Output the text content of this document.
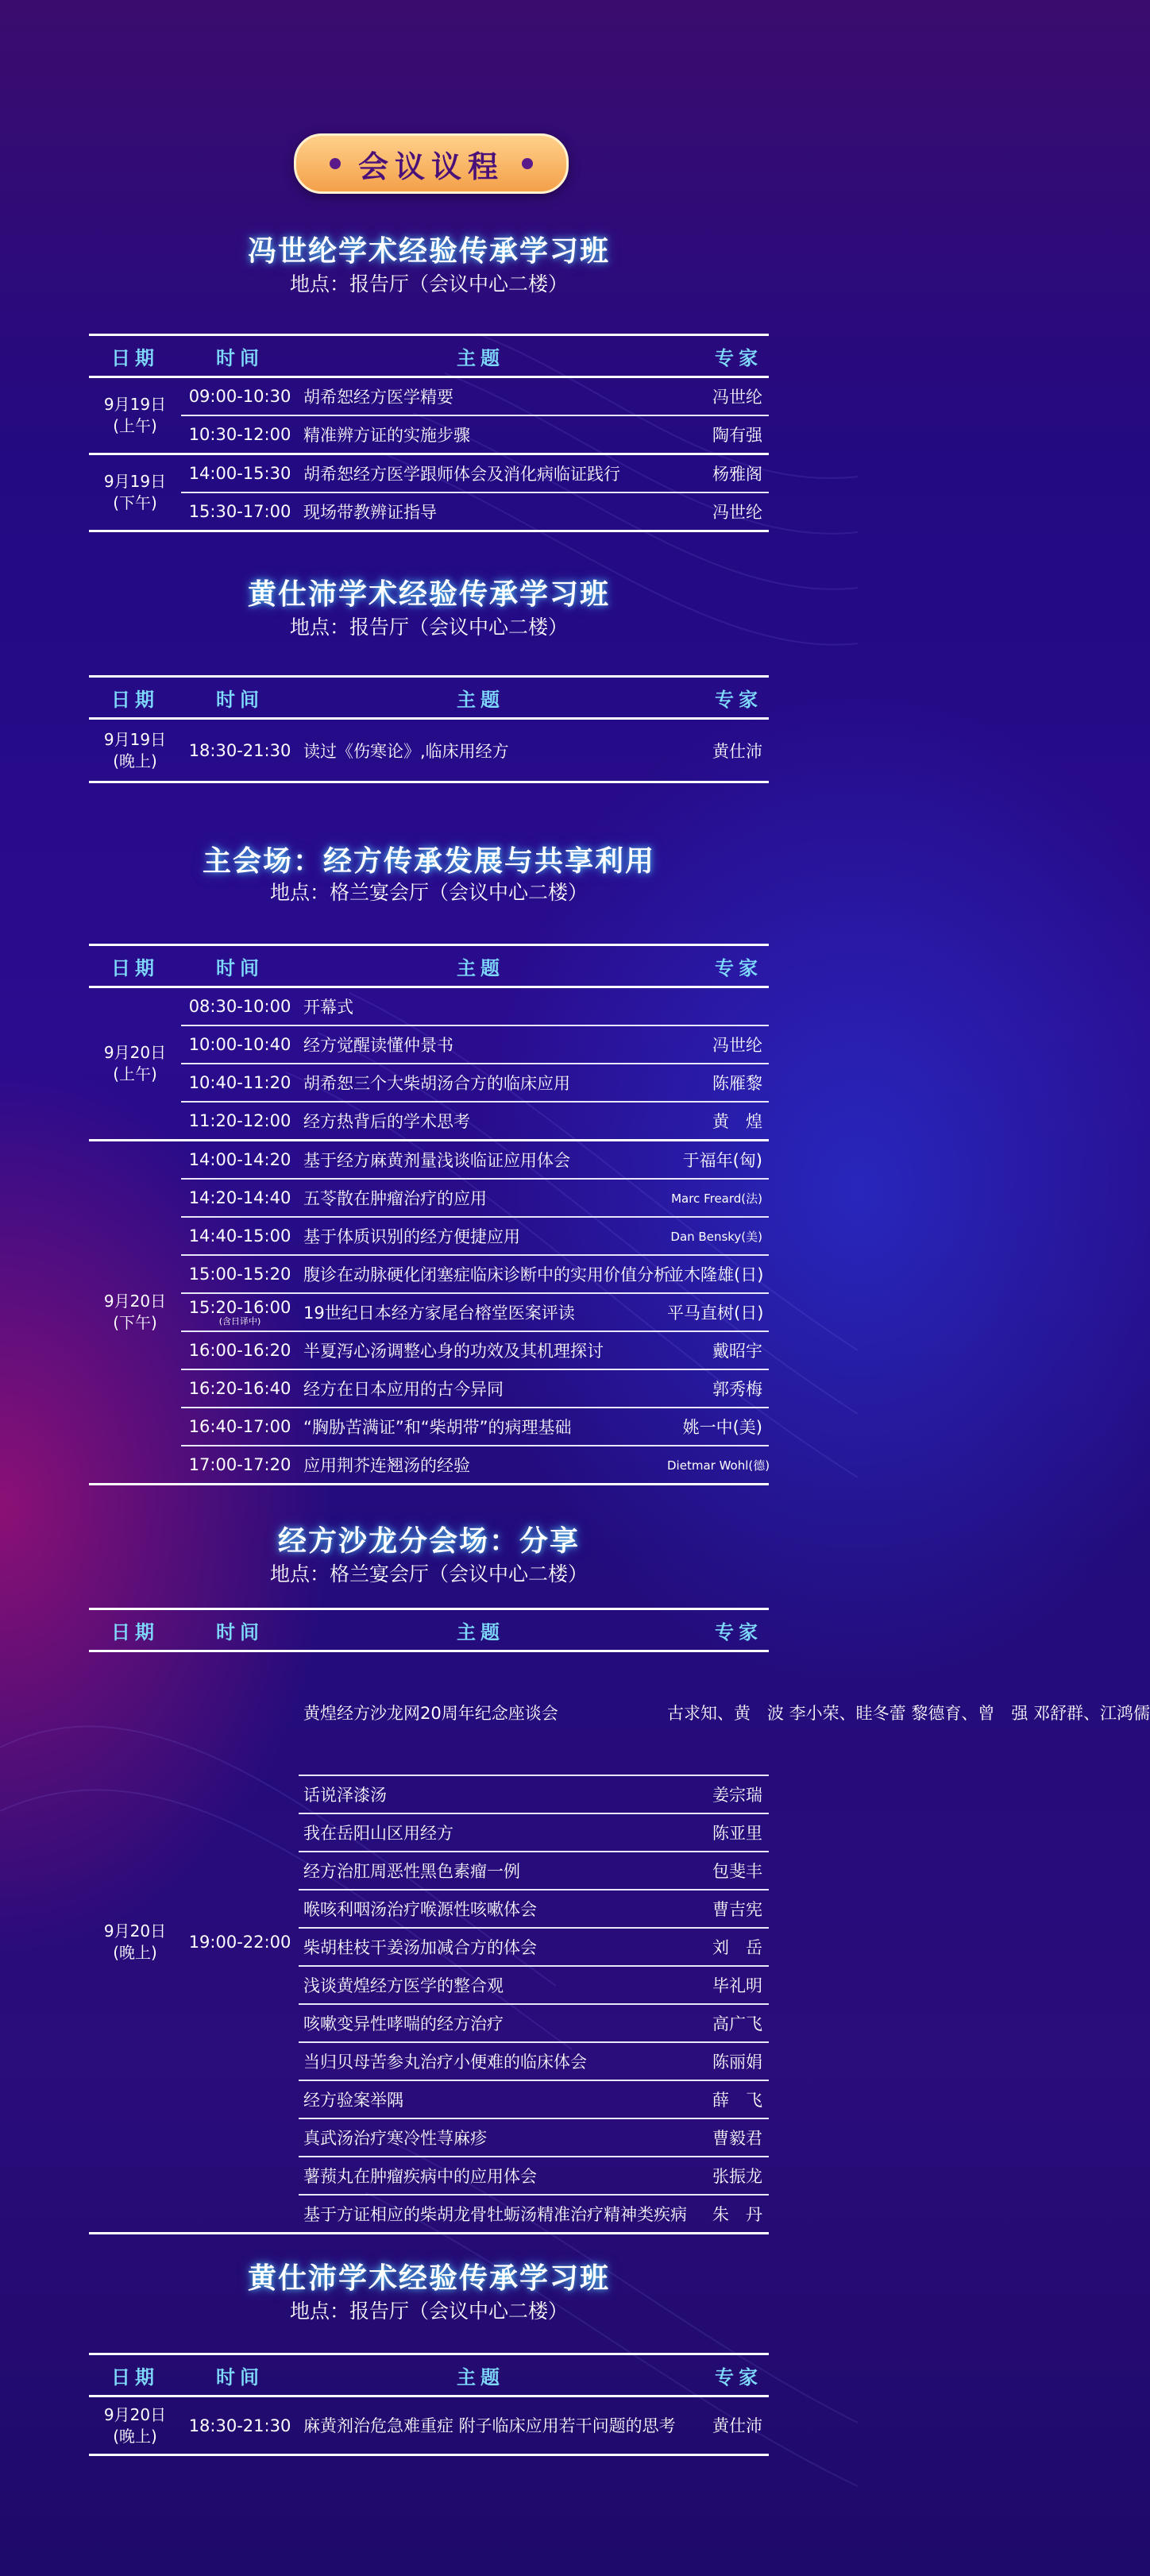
会议议程
冯世纶学术经验传承学习班
地点：报告厅（会议中心二楼）
日期	时间	主题	专家
9月19日
(上午)	09:00-10:30	胡希恕经方医学精要	冯世纶
	10:30-12:00	精准辨方证的实施步骤	陶有强
9月19日
(下午)	14:00-15:30	胡希恕经方医学跟师体会及消化病临证践行	杨雅阁
	15:30-17:00	现场带教辨证指导	冯世纶
黄仕沛学术经验传承学习班
地点：报告厅（会议中心二楼）
日期	时间	主题	专家
9月19日
(晚上)	18:30-21:30	读过《伤寒论》,临床用经方	黄仕沛
主会场：经方传承发展与共享利用
地点：格兰宴会厅（会议中心二楼）
日期	时间	主题	专家
9月20日
(上午)	08:30-10:00	开幕式	
	10:00-10:40	经方觉醒读懂仲景书	冯世纶
	10:40-11:20	胡希恕三个大柴胡汤合方的临床应用	陈雁黎
	11:20-12:00	经方热背后的学术思考	黄　煌
9月20日
(下午)	14:00-14:20	基于经方麻黄剂量浅谈临证应用体会	于福年(匈)
	14:20-14:40	五苓散在肿瘤治疗的应用	Marc Freard(法)
	14:40-15:00	基于体质识别的经方便捷应用	Dan Bensky(美)
	15:00-15:20	腹诊在动脉硬化闭塞症临床诊断中的实用价值分析	並木隆雄(日)
	15:20-16:00
(含日译中)	19世纪日本经方家尾台榕堂医案评读	平马直树(日)
	16:00-16:20	半夏泻心汤调整心身的功效及其机理探讨	戴昭宇
	16:20-16:40	经方在日本应用的古今异同	郭秀梅
	16:40-17:00	“胸胁苦满证”和“柴胡带”的病理基础	姚一中(美)
	17:00-17:20	应用荆芥连翘汤的经验	Dietmar Wohl(德)
经方沙龙分会场：分享
地点：格兰宴会厅（会议中心二楼）
日期	时间	主题	专家
9月20日
(晚上)	19:00-22:00	黄煌经方沙龙网20周年纪念座谈会	古求知、黄　波 李小荣、眭冬蕾 黎德育、曾　强 邓舒群、江鸿儒
		话说泽漆汤	姜宗瑞
		我在岳阳山区用经方	陈亚里
		经方治肛周恶性黑色素瘤一例	包斐丰
		喉咳利咽汤治疗喉源性咳嗽体会	曹吉宪
		柴胡桂枝干姜汤加减合方的体会	刘　岳
		浅谈黄煌经方医学的整合观	毕礼明
		咳嗽变异性哮喘的经方治疗	高广飞
		当归贝母苦参丸治疗小便难的临床体会	陈丽娟
		经方验案举隅	薛　飞
		真武汤治疗寒冷性荨麻疹	曹毅君
		薯蓣丸在肿瘤疾病中的应用体会	张振龙
		基于方证相应的柴胡龙骨牡蛎汤精准治疗精神类疾病	朱　丹
黄仕沛学术经验传承学习班
地点：报告厅（会议中心二楼）
日期	时间	主题	专家
9月20日
(晚上)	18:30-21:30	麻黄剂治危急难重症 附子临床应用若干问题的思考	黄仕沛
